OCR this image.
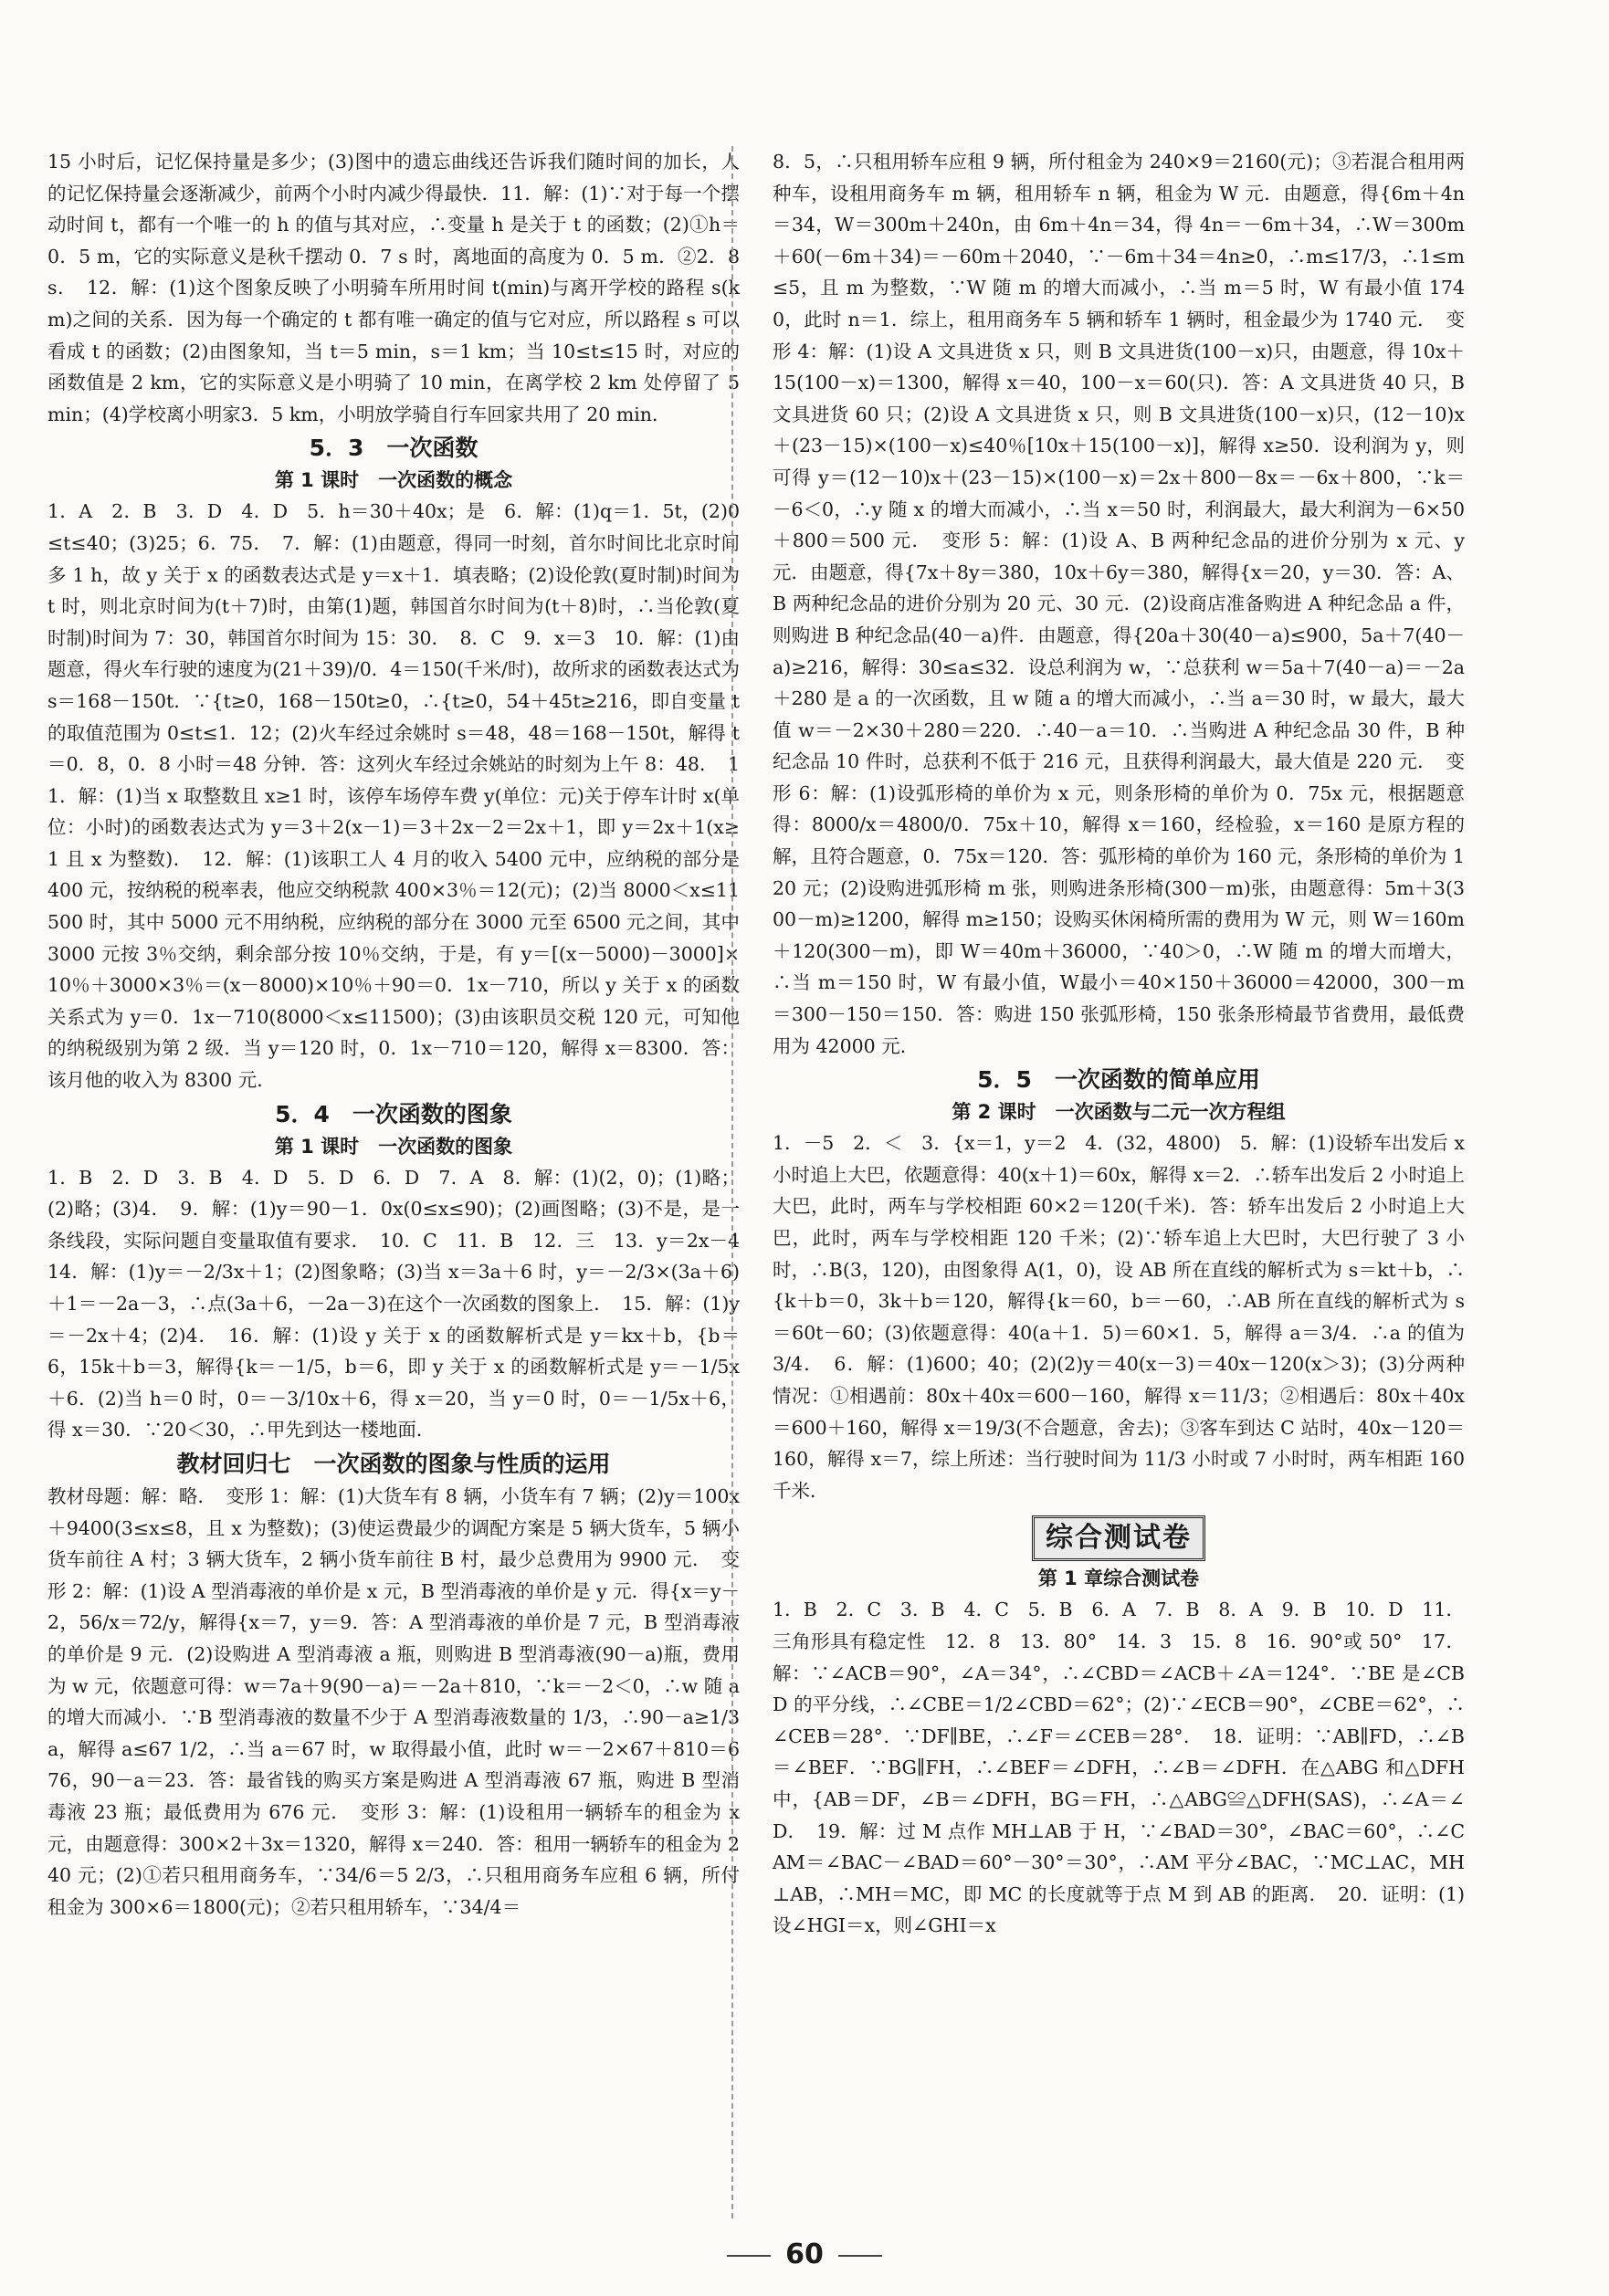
15 小时后，记忆保持量是多少；(3)图中的遗忘曲线还告诉我们随时间的加长，人的记忆保持量会逐渐减少，前两个小时内减少得最快．11．解：(1)∵对于每一个摆动时间 t，都有一个唯一的 h 的值与其对应，∴变量 h 是关于 t 的函数；(2)①h＝0．5 m，它的实际意义是秋千摆动 0．7 s 时，离地面的高度为 0．5 m．②2．8 s．　12．解：(1)这个图象反映了小明骑车所用时间 t(min)与离开学校的路程 s(km)之间的关系．因为每一个确定的 t 都有唯一确定的值与它对应，所以路程 s 可以看成 t 的函数；(2)由图象知，当 t＝5 min，s＝1 km；当 10≤t≤15 时，对应的函数值是 2 km，它的实际意义是小明骑了 10 min，在离学校 2 km 处停留了 5 min；(4)学校离小明家3．5 km，小明放学骑自行车回家共用了 20 min．

5．3　一次函数
第 1 课时　一次函数的概念

1．A　2．B　3．D　4．D　5．h＝30＋40x；是　6．解：(1)q＝1．5t，(2)0≤t≤40；(3)25；6．75．　7．解：(1)由题意，得同一时刻，首尔时间比北京时间多 1 h，故 y 关于 x 的函数表达式是 y＝x＋1．填表略；(2)设伦敦(夏时制)时间为 t 时，则北京时间为(t＋7)时，由第(1)题，韩国首尔时间为(t＋8)时，∴当伦敦(夏时制)时间为 7：30，韩国首尔时间为 15：30．　8．C　9．x＝3　10．解：(1)由题意，得火车行驶的速度为(21＋39)/0．4＝150(千米/时)，故所求的函数表达式为 s＝168－150t．∵{t≥0，168－150t≥0，∴{t≥0，54＋45t≥216，即自变量 t 的取值范围为 0≤t≤1．12；(2)火车经过余姚时 s＝48，48＝168－150t，解得 t＝0．8，0．8 小时＝48 分钟．答：这列火车经过余姚站的时刻为上午 8：48．　11．解：(1)当 x 取整数且 x≥1 时，该停车场停车费 y(单位：元)关于停车计时 x(单位：小时)的函数表达式为 y＝3＋2(x－1)＝3＋2x－2＝2x＋1，即 y＝2x＋1(x≥1 且 x 为整数)．　12．解：(1)该职工人 4 月的收入 5400 元中，应纳税的部分是 400 元，按纳税的税率表，他应交纳税款 400×3％＝12(元)；(2)当 8000＜x≤11500 时，其中 5000 元不用纳税，应纳税的部分在 3000 元至 6500 元之间，其中 3000 元按 3％交纳，剩余部分按 10％交纳，于是，有 y＝[(x－5000)－3000]×10％＋3000×3％＝(x－8000)×10％＋90＝0．1x－710，所以 y 关于 x 的函数关系式为 y＝0．1x－710(8000＜x≤11500)；(3)由该职员交税 120 元，可知他的纳税级别为第 2 级．当 y＝120 时，0．1x－710＝120，解得 x＝8300．答：该月他的收入为 8300 元．

5．4　一次函数的图象
第 1 课时　一次函数的图象

1．B　2．D　3．B　4．D　5．D　6．D　7．A　8．解：(1)(2，0)；(1)略；(2)略；(3)4．　9．解：(1)y＝90－1．0x(0≤x≤90)；(2)画图略；(3)不是，是一条线段，实际问题自变量取值有要求．　10．C　11．B　12．三　13．y＝2x－4　14．解：(1)y＝－2/3x＋1；(2)图象略；(3)当 x＝3a＋6 时，y＝－2/3×(3a＋6)＋1＝－2a－3，∴点(3a＋6，－2a－3)在这个一次函数的图象上．　15．解：(1)y＝－2x＋4；(2)4．　16．解：(1)设 y 关于 x 的函数解析式是 y＝kx＋b，{b＝6，15k＋b＝3，解得{k＝－1/5，b＝6，即 y 关于 x 的函数解析式是 y＝－1/5x＋6．(2)当 h＝0 时，0＝－3/10x＋6，得 x＝20，当 y＝0 时，0＝－1/5x＋6，得 x＝30．∵20＜30，∴甲先到达一楼地面．

教材回归七　一次函数的图象与性质的运用

教材母题：解：略．　变形 1：解：(1)大货车有 8 辆，小货车有 7 辆；(2)y＝100x＋9400(3≤x≤8，且 x 为整数)；(3)使运费最少的调配方案是 5 辆大货车，5 辆小货车前往 A 村；3 辆大货车，2 辆小货车前往 B 村，最少总费用为 9900 元．　变形 2：解：(1)设 A 型消毒液的单价是 x 元，B 型消毒液的单价是 y 元．得{x＝y－2，56/x＝72/y，解得{x＝7，y＝9．答：A 型消毒液的单价是 7 元，B 型消毒液的单价是 9 元．(2)设购进 A 型消毒液 a 瓶，则购进 B 型消毒液(90－a)瓶，费用为 w 元，依题意可得：w＝7a＋9(90－a)＝－2a＋810，∵k＝－2＜0，∴w 随 a 的增大而减小．∵B 型消毒液的数量不少于 A 型消毒液数量的 1/3，∴90－a≥1/3a，解得 a≤67 1/2，∴当 a＝67 时，w 取得最小值，此时 w＝－2×67＋810＝676，90－a＝23．答：最省钱的购买方案是购进 A 型消毒液 67 瓶，购进 B 型消毒液 23 瓶；最低费用为 676 元．　变形 3：解：(1)设租用一辆轿车的租金为 x 元，由题意得：300×2＋3x＝1320，解得 x＝240．答：租用一辆轿车的租金为 240 元；(2)①若只租用商务车，∵34/6＝5 2/3，∴只租用商务车应租 6 辆，所付租金为 300×6＝1800(元)；②若只租用轿车，∵34/4＝

8．5，∴只租用轿车应租 9 辆，所付租金为 240×9＝2160(元)；③若混合租用两种车，设租用商务车 m 辆，租用轿车 n 辆，租金为 W 元．由题意，得{6m＋4n＝34，W＝300m＋240n，由 6m＋4n＝34，得 4n＝－6m＋34，∴W＝300m＋60(－6m＋34)＝－60m＋2040，∵－6m＋34＝4n≥0，∴m≤17/3，∴1≤m≤5，且 m 为整数，∵W 随 m 的增大而减小，∴当 m＝5 时，W 有最小值 1740，此时 n＝1．综上，租用商务车 5 辆和轿车 1 辆时，租金最少为 1740 元．　变形 4：解：(1)设 A 文具进货 x 只，则 B 文具进货(100－x)只，由题意，得 10x＋15(100－x)＝1300，解得 x＝40，100－x＝60(只)．答：A 文具进货 40 只，B 文具进货 60 只；(2)设 A 文具进货 x 只，则 B 文具进货(100－x)只，(12－10)x＋(23－15)×(100－x)≤40％[10x＋15(100－x)]，解得 x≥50．设利润为 y，则可得 y＝(12－10)x＋(23－15)×(100－x)＝2x＋800－8x＝－6x＋800，∵k＝－6＜0，∴y 随 x 的增大而减小，∴当 x＝50 时，利润最大，最大利润为－6×50＋800＝500 元．　变形 5：解：(1)设 A、B 两种纪念品的进价分别为 x 元、y 元．由题意，得{7x＋8y＝380，10x＋6y＝380，解得{x＝20，y＝30．答：A、B 两种纪念品的进价分别为 20 元、30 元．(2)设商店准备购进 A 种纪念品 a 件，则购进 B 种纪念品(40－a)件．由题意，得{20a＋30(40－a)≤900，5a＋7(40－a)≥216，解得：30≤a≤32．设总利润为 w，∵总获利 w＝5a＋7(40－a)＝－2a＋280 是 a 的一次函数，且 w 随 a 的增大而减小，∴当 a＝30 时，w 最大，最大值 w＝－2×30＋280＝220．∴40－a＝10．∴当购进 A 种纪念品 30 件，B 种纪念品 10 件时，总获利不低于 216 元，且获得利润最大，最大值是 220 元．　变形 6：解：(1)设弧形椅的单价为 x 元，则条形椅的单价为 0．75x 元，根据题意得：8000/x＝4800/0．75x＋10，解得 x＝160，经检验，x＝160 是原方程的解，且符合题意，0．75x＝120．答：弧形椅的单价为 160 元，条形椅的单价为 120 元；(2)设购进弧形椅 m 张，则购进条形椅(300－m)张，由题意得：5m＋3(300－m)≥1200，解得 m≥150；设购买休闲椅所需的费用为 W 元，则 W＝160m＋120(300－m)，即 W＝40m＋36000，∵40＞0，∴W 随 m 的增大而增大，∴当 m＝150 时，W 有最小值，W最小＝40×150＋36000＝42000，300－m＝300－150＝150．答：购进 150 张弧形椅，150 张条形椅最节省费用，最低费用为 42000 元．

5．5　一次函数的简单应用
第 2 课时　一次函数与二元一次方程组

1．－5　2．＜　3．{x＝1，y＝2　4．(32，4800)　5．解：(1)设轿车出发后 x 小时追上大巴，依题意得：40(x＋1)＝60x，解得 x＝2．∴轿车出发后 2 小时追上大巴，此时，两车与学校相距 60×2＝120(千米)．答：轿车出发后 2 小时追上大巴，此时，两车与学校相距 120 千米；(2)∵轿车追上大巴时，大巴行驶了 3 小时，∴B(3，120)，由图象得 A(1，0)，设 AB 所在直线的解析式为 s＝kt＋b，∴{k＋b＝0，3k＋b＝120，解得{k＝60，b＝－60，∴AB 所在直线的解析式为 s＝60t－60；(3)依题意得：40(a＋1．5)＝60×1．5，解得 a＝3/4．∴a 的值为 3/4．　6．解：(1)600；40；(2)(2)y＝40(x－3)＝40x－120(x＞3)；(3)分两种情况：①相遇前：80x＋40x＝600－160，解得 x＝11/3；②相遇后：80x＋40x＝600＋160，解得 x＝19/3(不合题意，舍去)；③客车到达 C 站时，40x－120＝160，解得 x＝7，综上所述：当行驶时间为 11/3 小时或 7 小时时，两车相距 160 千米．

综合测试卷
第 1 章综合测试卷

1．B　2．C　3．B　4．C　5．B　6．A　7．B　8．A　9．B　10．D　11．三角形具有稳定性　12．8　13．80°　14．3　15．8　16．90°或 50°　17．解：∵∠ACB＝90°，∠A＝34°，∴∠CBD＝∠ACB＋∠A＝124°．∵BE 是∠CBD 的平分线，∴∠CBE＝1/2∠CBD＝62°；(2)∵∠ECB＝90°，∠CBE＝62°，∴∠CEB＝28°．∵DF∥BE，∴∠F＝∠CEB＝28°．　18．证明：∵AB∥FD，∴∠B＝∠BEF．∵BG∥FH，∴∠BEF＝∠DFH，∴∠B＝∠DFH．在△ABG 和△DFH 中，{AB＝DF，∠B＝∠DFH，BG＝FH，∴△ABG≌△DFH(SAS)，∴∠A＝∠D．　19．解：过 M 点作 MH⊥AB 于 H，∵∠BAD＝30°，∠BAC＝60°，∴∠CAM＝∠BAC－∠BAD＝60°－30°＝30°，∴AM 平分∠BAC，∵MC⊥AC，MH⊥AB，∴MH＝MC，即 MC 的长度就等于点 M 到 AB 的距离．　20．证明：(1)设∠HGI＝x，则∠GHI＝x

60
